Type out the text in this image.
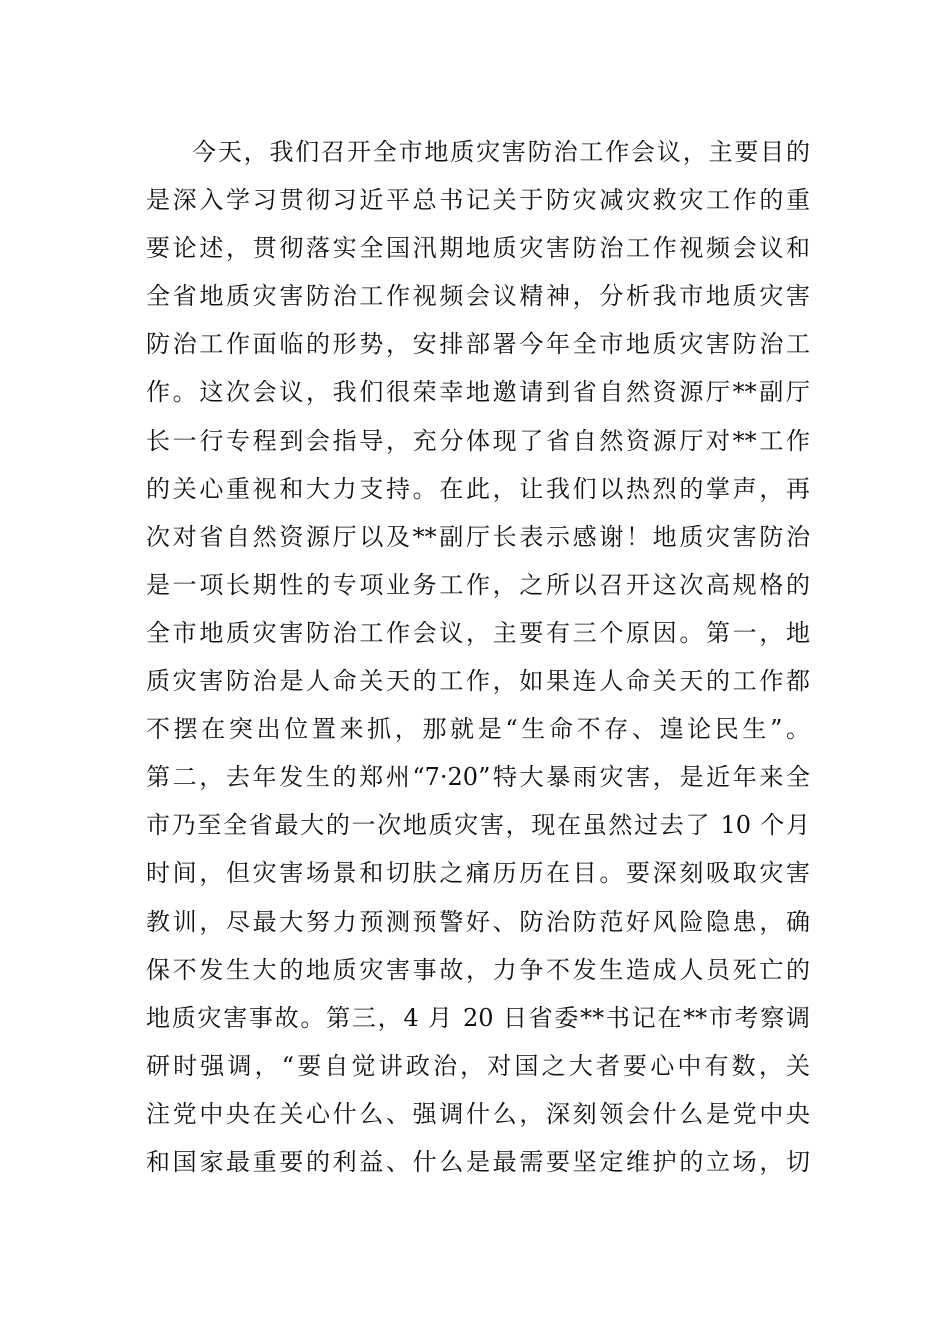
今天，我们召开全市地质灾害防治工作会议，主要目的
是深入学习贯彻习近平总书记关于防灾减灾救灾工作的重
要论述，贯彻落实全国汛期地质灾害防治工作视频会议和
全省地质灾害防治工作视频会议精神，分析我市地质灾害
防治工作面临的形势，安排部署今年全市地质灾害防治工
作。这次会议，我们很荣幸地邀请到省自然资源厅**副厅
长一行专程到会指导，充分体现了省自然资源厅对**工作
的关心重视和大力支持。在此，让我们以热烈的掌声，再
次对省自然资源厅以及**副厅长表示感谢！地质灾害防治
是一项长期性的专项业务工作，之所以召开这次高规格的
全市地质灾害防治工作会议，主要有三个原因。第一，地
质灾害防治是人命关天的工作，如果连人命关天的工作都
不摆在突出位置来抓，那就是“生命不存、遑论民生”。
第二，去年发生的郑州“7·20”特大暴雨灾害，是近年来全
市乃至全省最大的一次地质灾害，现在虽然过去了 10 个月
时间，但灾害场景和切肤之痛历历在目。要深刻吸取灾害
教训，尽最大努力预测预警好、防治防范好风险隐患，确
保不发生大的地质灾害事故，力争不发生造成人员死亡的
地质灾害事故。第三，4 月 20 日省委**书记在**市考察调
研时强调，“要自觉讲政治，对国之大者要心中有数，关
注党中央在关心什么、强调什么，深刻领会什么是党中央
和国家最重要的利益、什么是最需要坚定维护的立场，切
